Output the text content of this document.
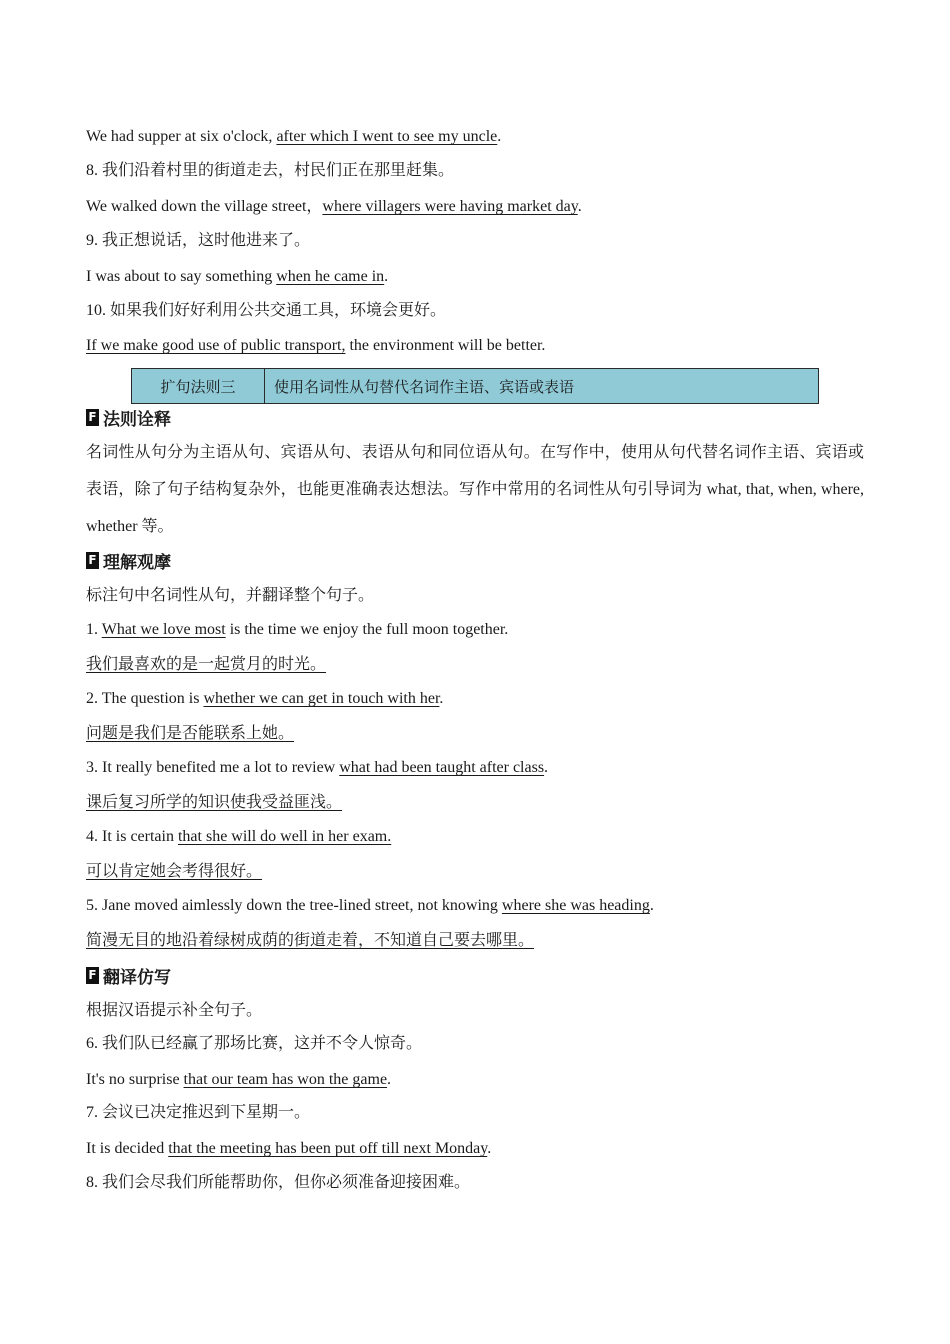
We had supper at six o'clock, after which I went to see my uncle.
8. 我们沿着村里的街道走去，村民们正在那里赶集。
We walked down the village street，where villagers were having market day.
9. 我正想说话，这时他进来了。
I was about to say something when he came in.
10. 如果我们好好利用公共交通工具，环境会更好。
If we make good use of public transport, the environment will be better.
扩句法则三	使用名词性从句替代名词作主语、宾语或表语
F 法则诠释
名词性从句分为主语从句、宾语从句、表语从句和同位语从句。在写作中，使用从句代替名词作主语、宾语或表语，除了句子结构复杂外，也能更准确表达想法。写作中常用的名词性从句引导词为 what, that, when, where, whether 等。
F 理解观摩
标注句中名词性从句，并翻译整个句子。
1. What we love most is the time we enjoy the full moon together.
我们最喜欢的是一起赏月的时光。
2. The question is whether we can get in touch with her.
问题是我们是否能联系上她。
3. It really benefited me a lot to review what had been taught after class.
课后复习所学的知识使我受益匪浅。
4. It is certain that she will do well in her exam.
可以肯定她会考得很好。
5. Jane moved aimlessly down the tree-lined street, not knowing where she was heading.
简漫无目的地沿着绿树成荫的街道走着，不知道自己要去哪里。
F 翻译仿写
根据汉语提示补全句子。
6. 我们队已经赢了那场比赛，这并不令人惊奇。
It's no surprise that our team has won the game.
7. 会议已决定推迟到下星期一。
It is decided that the meeting has been put off till next Monday.
8. 我们会尽我们所能帮助你，但你必须准备迎接困难。
